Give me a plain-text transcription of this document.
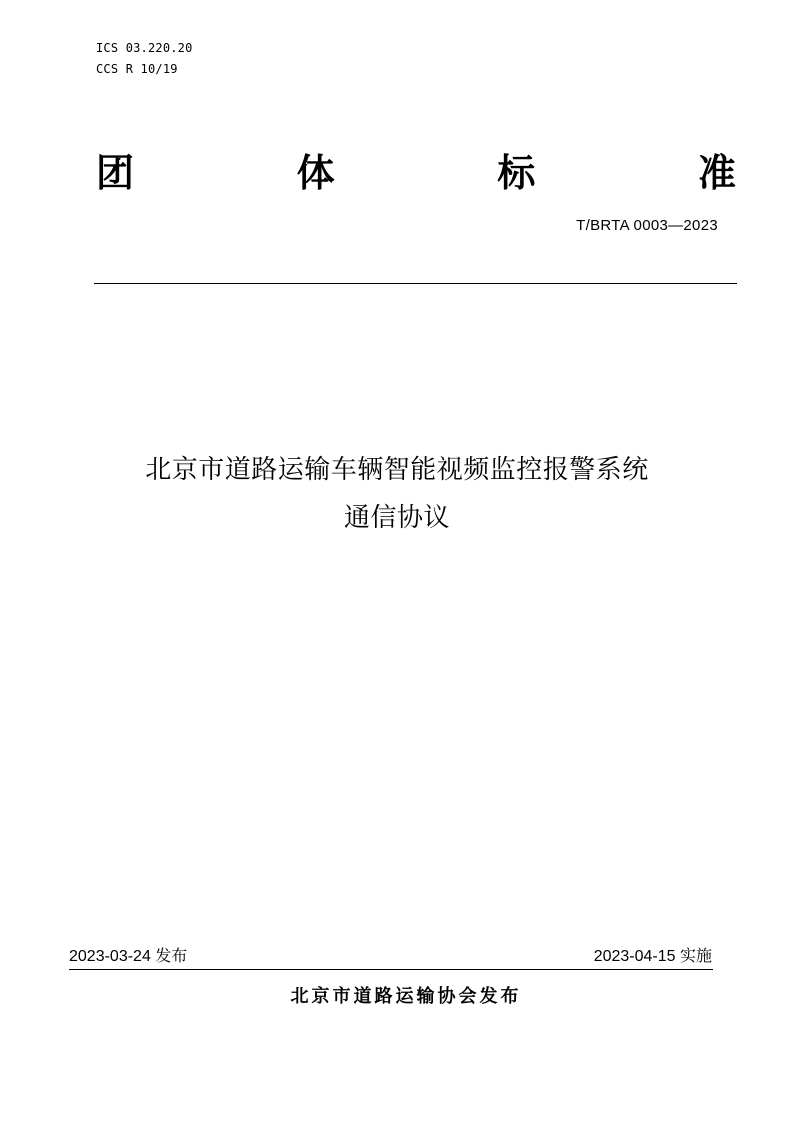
ICS 03.220.20
CCS R 10/19
团	体	标	准
T/BRTA 0003—2023
北京市道路运输车辆智能视频监控报警系统
通信协议
2023-03-24 发布	2023-04-15 实施
北京市道路运输协会发布
